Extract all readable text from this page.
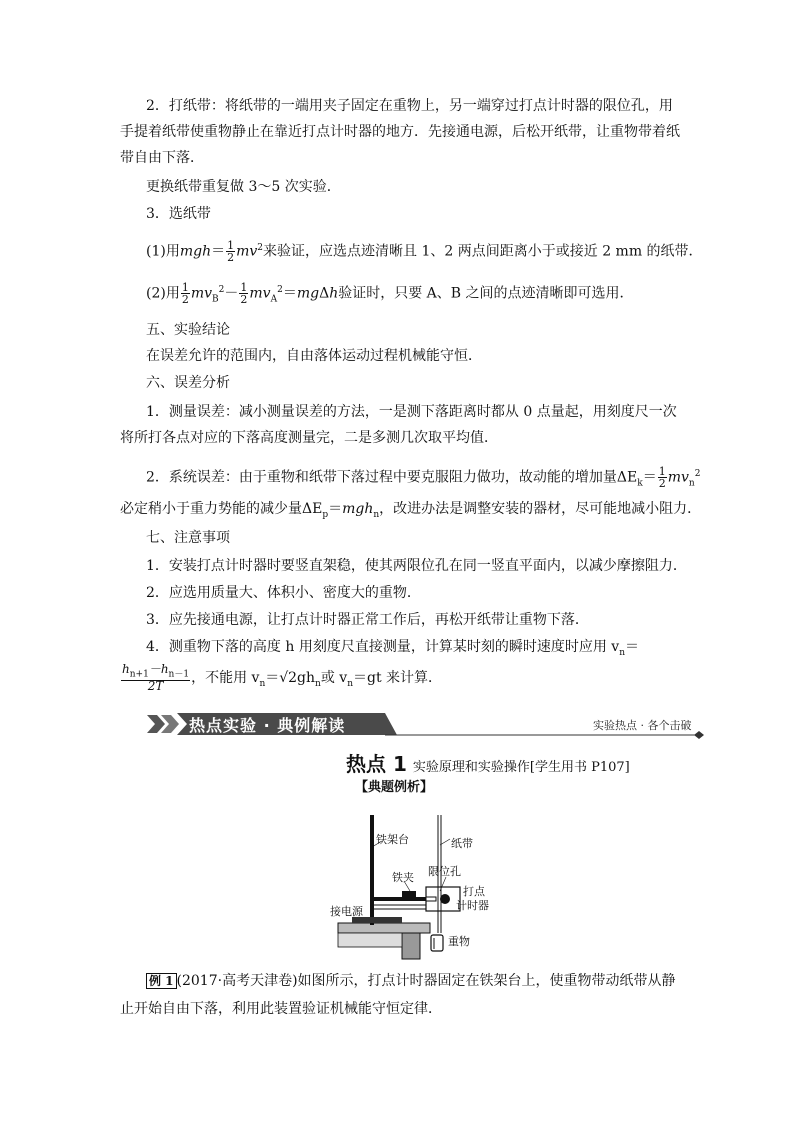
2．打纸带：将纸带的一端用夹子固定在重物上，另一端穿过打点计时器的限位孔，用
手提着纸带使重物静止在靠近打点计时器的地方．先接通电源，后松开纸带，让重物带着纸
带自由下落．
更换纸带重复做 3～5 次实验．
3．选纸带
(1)用$mgh= \frac{1}{2} mv^2$来验证，应选点迹清晰且 1、2 两点间距离小于或接近 2 mm 的纸带．
(2)用 $\frac{1}{2} mv_B^2- \frac{1}{2} mv_A^2=mg\Delta h$验证时，只要 A、B 之间的点迹清晰即可选用．
五、实验结论
在误差允许的范围内，自由落体运动过程机械能守恒．
六、误差分析
1．测量误差：减小测量误差的方法，一是测下落距离时都从 0 点量起，用刻度尺一次
将所打各点对应的下落高度测量完，二是多测几次取平均值．
2．系统误差：由于重物和纸带下落过程中要克服阻力做功，故动能的增加量$\Delta E_k= \frac{1}{2} mv_n^2$
必定稍小于重力势能的减少量$\Delta E_p=mgh_n$，改进办法是调整安装的器材，尽可能地减小阻力．
七、注意事项
1．安装打点计时器时要竖直架稳，使其两限位孔在同一竖直平面内，以减少摩擦阻力．
2．应选用质量大、体积小、密度大的重物．
3．应先接通电源，让打点计时器正常工作后，再松开纸带让重物下落．
4．测重物下落的高度 h 用刻度尺直接测量，计算某时刻的瞬时速度时应用 $v_n=$
$\frac{h_{n+1}-h_{n-1}}{2T}$ ，不能用 $v_n=√2gh_n$或 $v_n=gt$ 来计算．
热点实验 · 典例解读	实验热点 · 各个击破
热点 1 实验原理和实验操作[学生用书 P107]
【典题例析】
铁架台	纸带
铁夹 限位孔
打点
计时器
接电源
重物
例 1 (2017·高考天津卷)如图所示，打点计时器固定在铁架台上，使重物带动纸带从静
止开始自由下落，利用此装置验证机械能守恒定律．
